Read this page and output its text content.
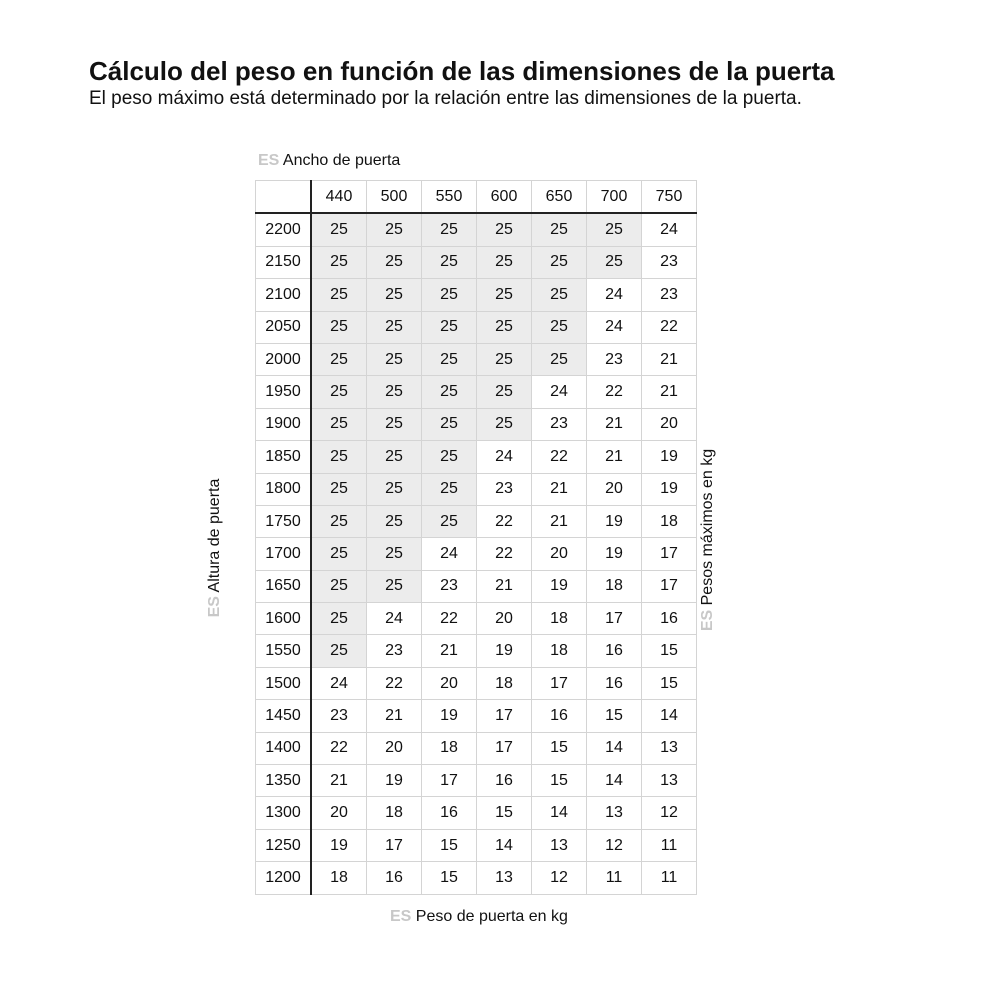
Cálculo del peso en función de las dimensiones de la puerta
El peso máximo está determinado por la relación entre las dimensiones de la puerta.
ES Ancho de puerta
ES Altura de puerta
ES Pesos máximos en kg
	440	500	550	600	650	700	750
2200	25	25	25	25	25	25	24
2150	25	25	25	25	25	25	23
2100	25	25	25	25	25	24	23
2050	25	25	25	25	25	24	22
2000	25	25	25	25	25	23	21
1950	25	25	25	25	24	22	21
1900	25	25	25	25	23	21	20
1850	25	25	25	24	22	21	19
1800	25	25	25	23	21	20	19
1750	25	25	25	22	21	19	18
1700	25	25	24	22	20	19	17
1650	25	25	23	21	19	18	17
1600	25	24	22	20	18	17	16
1550	25	23	21	19	18	16	15
1500	24	22	20	18	17	16	15
1450	23	21	19	17	16	15	14
1400	22	20	18	17	15	14	13
1350	21	19	17	16	15	14	13
1300	20	18	16	15	14	13	12
1250	19	17	15	14	13	12	11
1200	18	16	15	13	12	11	11
ES Peso de puerta en kg
